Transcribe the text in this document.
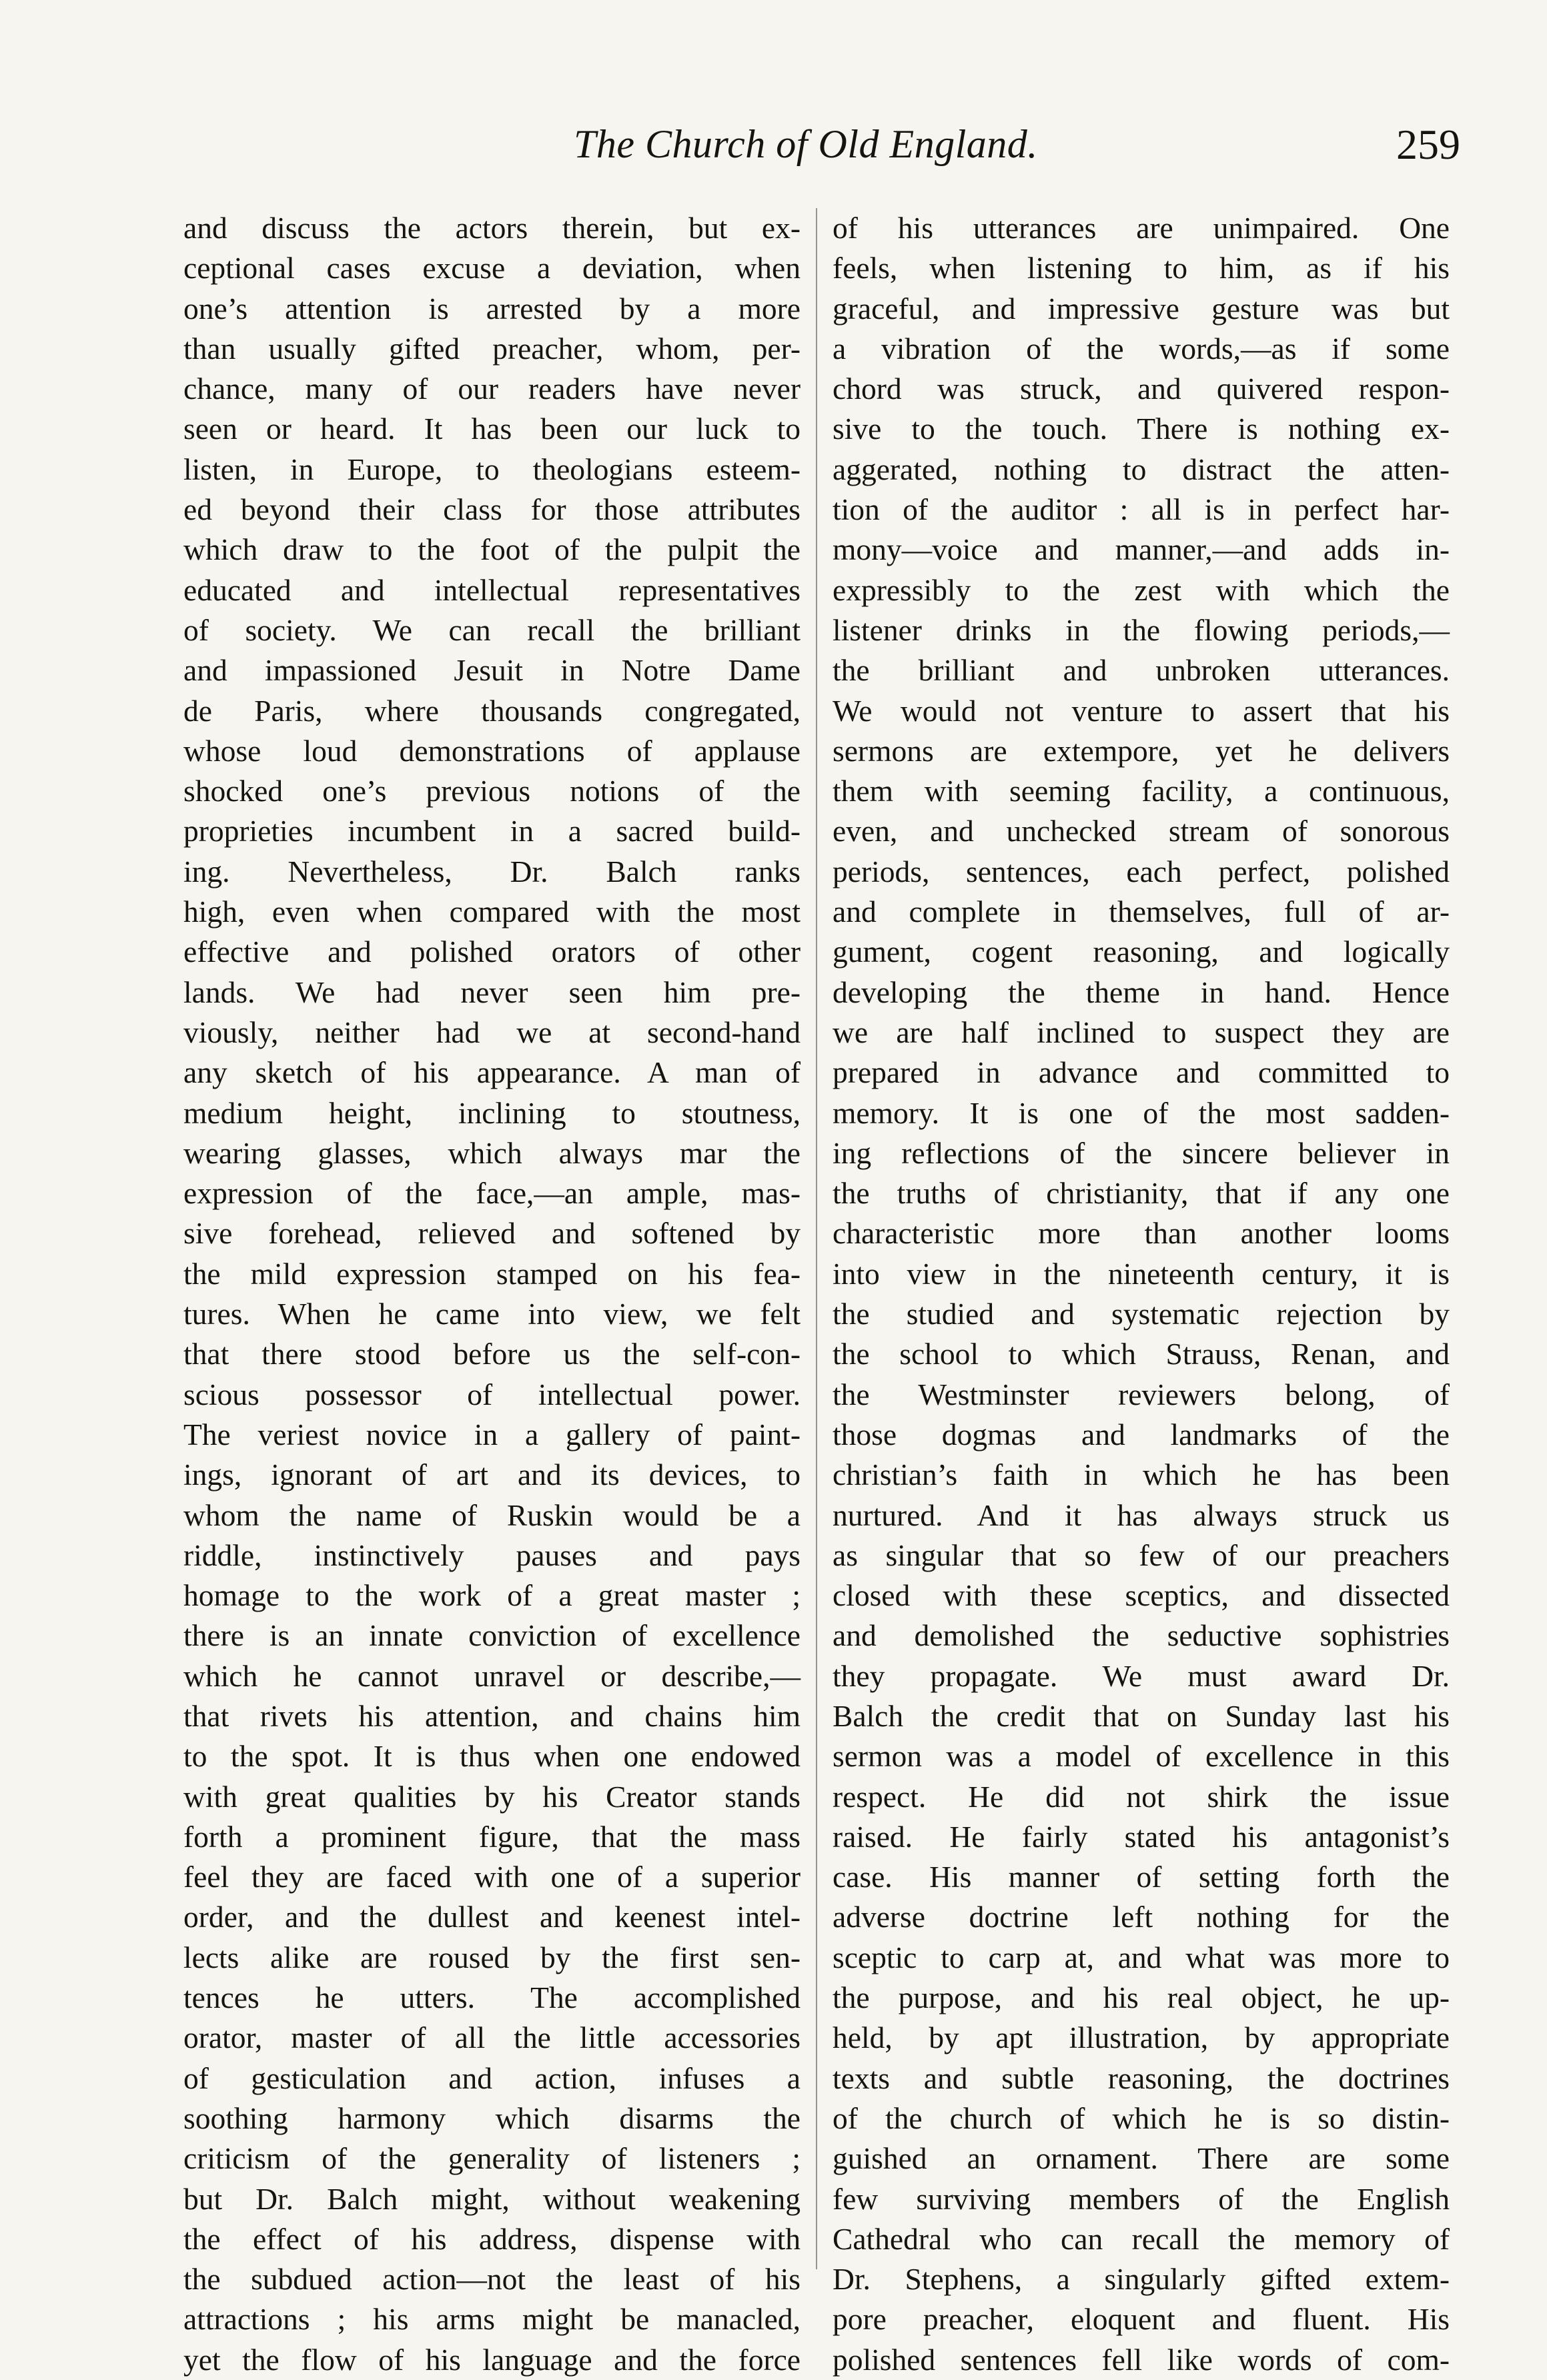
The Church of Old England.	259
and discuss the actors therein, but ex-
ceptional cases excuse a deviation, when
one’s attention is arrested by a more
than usually gifted preacher, whom, per-
chance, many of our readers have never
seen or heard. It has been our luck to
listen, in Europe, to theologians esteem-
ed beyond their class for those attributes
which draw to the foot of the pulpit the
educated and intellectual representatives
of society. We can recall the brilliant
and impassioned Jesuit in Notre Dame
de Paris, where thousands congregated,
whose loud demonstrations of applause
shocked one’s previous notions of the
proprieties incumbent in a sacred build-
ing. Nevertheless, Dr. Balch ranks
high, even when compared with the most
effective and polished orators of other
lands. We had never seen him pre-
viously, neither had we at second-hand
any sketch of his appearance. A man of
medium height, inclining to stoutness,
wearing glasses, which always mar the
expression of the face,—an ample, mas-
sive forehead, relieved and softened by
the mild expression stamped on his fea-
tures. When he came into view, we felt
that there stood before us the self-con-
scious possessor of intellectual power.
The veriest novice in a gallery of paint-
ings, ignorant of art and its devices, to
whom the name of Ruskin would be a
riddle, instinctively pauses and pays
homage to the work of a great master ;
there is an innate conviction of excellence
which he cannot unravel or describe,—
that rivets his attention, and chains him
to the spot. It is thus when one endowed
with great qualities by his Creator stands
forth a prominent figure, that the mass
feel they are faced with one of a superior
order, and the dullest and keenest intel-
lects alike are roused by the first sen-
tences he utters. The accomplished
orator, master of all the little accessories
of gesticulation and action, infuses a
soothing harmony which disarms the
criticism of the generality of listeners ;
but Dr. Balch might, without weakening
the effect of his address, dispense with
the subdued action—not the least of his
attractions ; his arms might be manacled,
yet the flow of his language and the force
of his utterances are unimpaired. One
feels, when listening to him, as if his
graceful, and impressive gesture was but
a vibration of the words,—as if some
chord was struck, and quivered respon-
sive to the touch. There is nothing ex-
aggerated, nothing to distract the atten-
tion of the auditor : all is in perfect har-
mony—voice and manner,—and adds in-
expressibly to the zest with which the
listener drinks in the flowing periods,—
the brilliant and unbroken utterances.
We would not venture to assert that his
sermons are extempore, yet he delivers
them with seeming facility, a continuous,
even, and unchecked stream of sonorous
periods, sentences, each perfect, polished
and complete in themselves, full of ar-
gument, cogent reasoning, and logically
developing the theme in hand. Hence
we are half inclined to suspect they are
prepared in advance and committed to
memory. It is one of the most sadden-
ing reflections of the sincere believer in
the truths of christianity, that if any one
characteristic more than another looms
into view in the nineteenth century, it is
the studied and systematic rejection by
the school to which Strauss, Renan, and
the Westminster reviewers belong, of
those dogmas and landmarks of the
christian’s faith in which he has been
nurtured. And it has always struck us
as singular that so few of our preachers
closed with these sceptics, and dissected
and demolished the seductive sophistries
they propagate. We must award Dr.
Balch the credit that on Sunday last his
sermon was a model of excellence in this
respect. He did not shirk the issue
raised. He fairly stated his antagonist’s
case. His manner of setting forth the
adverse doctrine left nothing for the
sceptic to carp at, and what was more to
the purpose, and his real object, he up-
held, by apt illustration, by appropriate
texts and subtle reasoning, the doctrines
of the church of which he is so distin-
guished an ornament. There are some
few surviving members of the English
Cathedral who can recall the memory of
Dr. Stephens, a singularly gifted extem-
pore preacher, eloquent and fluent. His
polished sentences fell like words of com-
